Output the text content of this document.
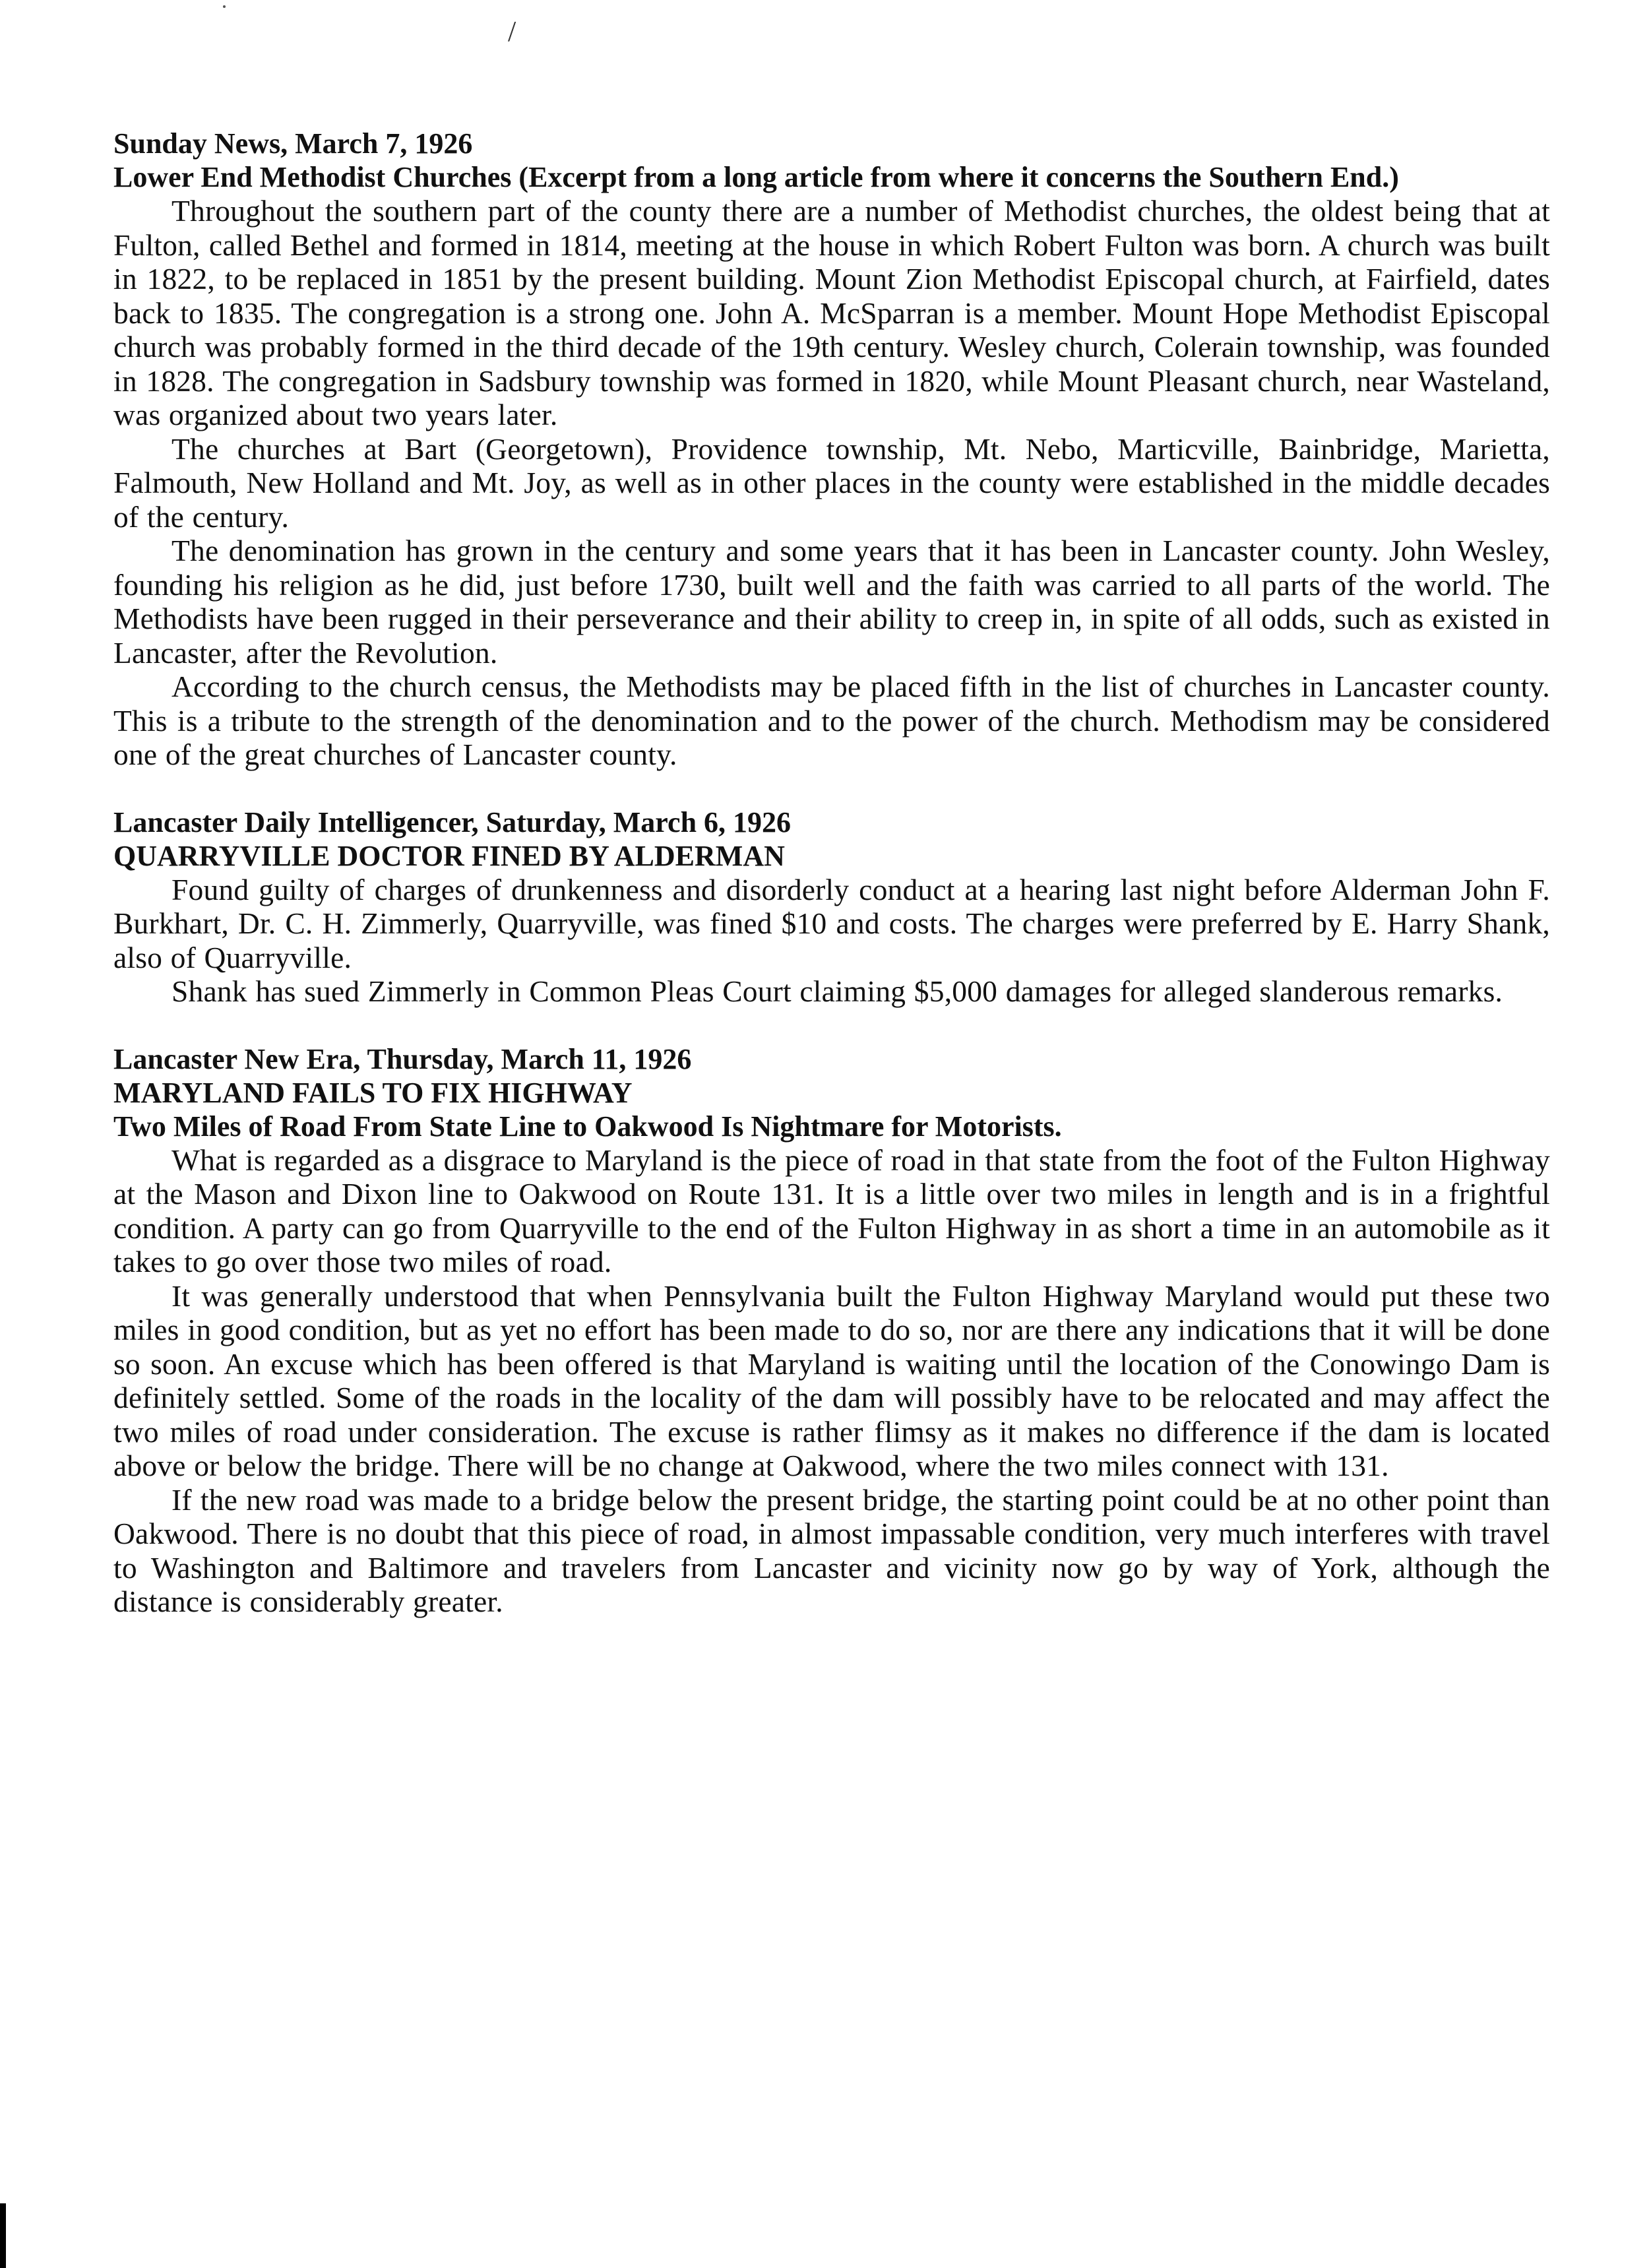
/
Sunday News, March 7, 1926
Lower End Methodist Churches (Excerpt from a long article from where it concerns the Southern End.)

Throughout the southern part of the county there are a number of Methodist churches, the oldest being that at Fulton, called Bethel and formed in 1814, meeting at the house in which Robert Fulton was born. A church was built in 1822, to be replaced in 1851 by the present building. Mount Zion Methodist Episcopal church, at Fairfield, dates back to 1835. The congregation is a strong one. John A. McSparran is a member. Mount Hope Methodist Episcopal church was probably formed in the third decade of the 19th century. Wesley church, Colerain township, was founded in 1828. The congregation in Sadsbury township was formed in 1820, while Mount Pleasant church, near Wasteland, was organized about two years later.

The churches at Bart (Georgetown), Providence township, Mt. Nebo, Marticville, Bainbridge, Marietta, Falmouth, New Holland and Mt. Joy, as well as in other places in the county were established in the middle decades of the century.

The denomination has grown in the century and some years that it has been in Lancaster county. John Wesley, founding his religion as he did, just before 1730, built well and the faith was carried to all parts of the world. The Methodists have been rugged in their perseverance and their ability to creep in, in spite of all odds, such as existed in Lancaster, after the Revolution.

According to the church census, the Methodists may be placed fifth in the list of churches in Lancaster county. This is a tribute to the strength of the denomination and to the power of the church. Methodism may be considered one of the great churches of Lancaster county.

Lancaster Daily Intelligencer, Saturday, March 6, 1926
QUARRYVILLE DOCTOR FINED BY ALDERMAN

Found guilty of charges of drunkenness and disorderly conduct at a hearing last night before Alderman John F. Burkhart, Dr. C. H. Zimmerly, Quarryville, was fined $10 and costs. The charges were preferred by E. Harry Shank, also of Quarryville.

Shank has sued Zimmerly in Common Pleas Court claiming $5,000 damages for alleged slanderous remarks.

Lancaster New Era, Thursday, March 11, 1926
MARYLAND FAILS TO FIX HIGHWAY
Two Miles of Road From State Line to Oakwood Is Nightmare for Motorists.

What is regarded as a disgrace to Maryland is the piece of road in that state from the foot of the Fulton Highway at the Mason and Dixon line to Oakwood on Route 131. It is a little over two miles in length and is in a frightful condition. A party can go from Quarryville to the end of the Fulton Highway in as short a time in an automobile as it takes to go over those two miles of road.

It was generally understood that when Pennsylvania built the Fulton Highway Maryland would put these two miles in good condition, but as yet no effort has been made to do so, nor are there any indications that it will be done so soon. An excuse which has been offered is that Maryland is waiting until the location of the Conowingo Dam is definitely settled. Some of the roads in the locality of the dam will possibly have to be relocated and may affect the two miles of road under consideration. The excuse is rather flimsy as it makes no difference if the dam is located above or below the bridge. There will be no change at Oakwood, where the two miles connect with 131.

If the new road was made to a bridge below the present bridge, the starting point could be at no other point than Oakwood. There is no doubt that this piece of road, in almost impassable condition, very much interferes with travel to Washington and Baltimore and travelers from Lancaster and vicinity now go by way of York, although the distance is considerably greater.
